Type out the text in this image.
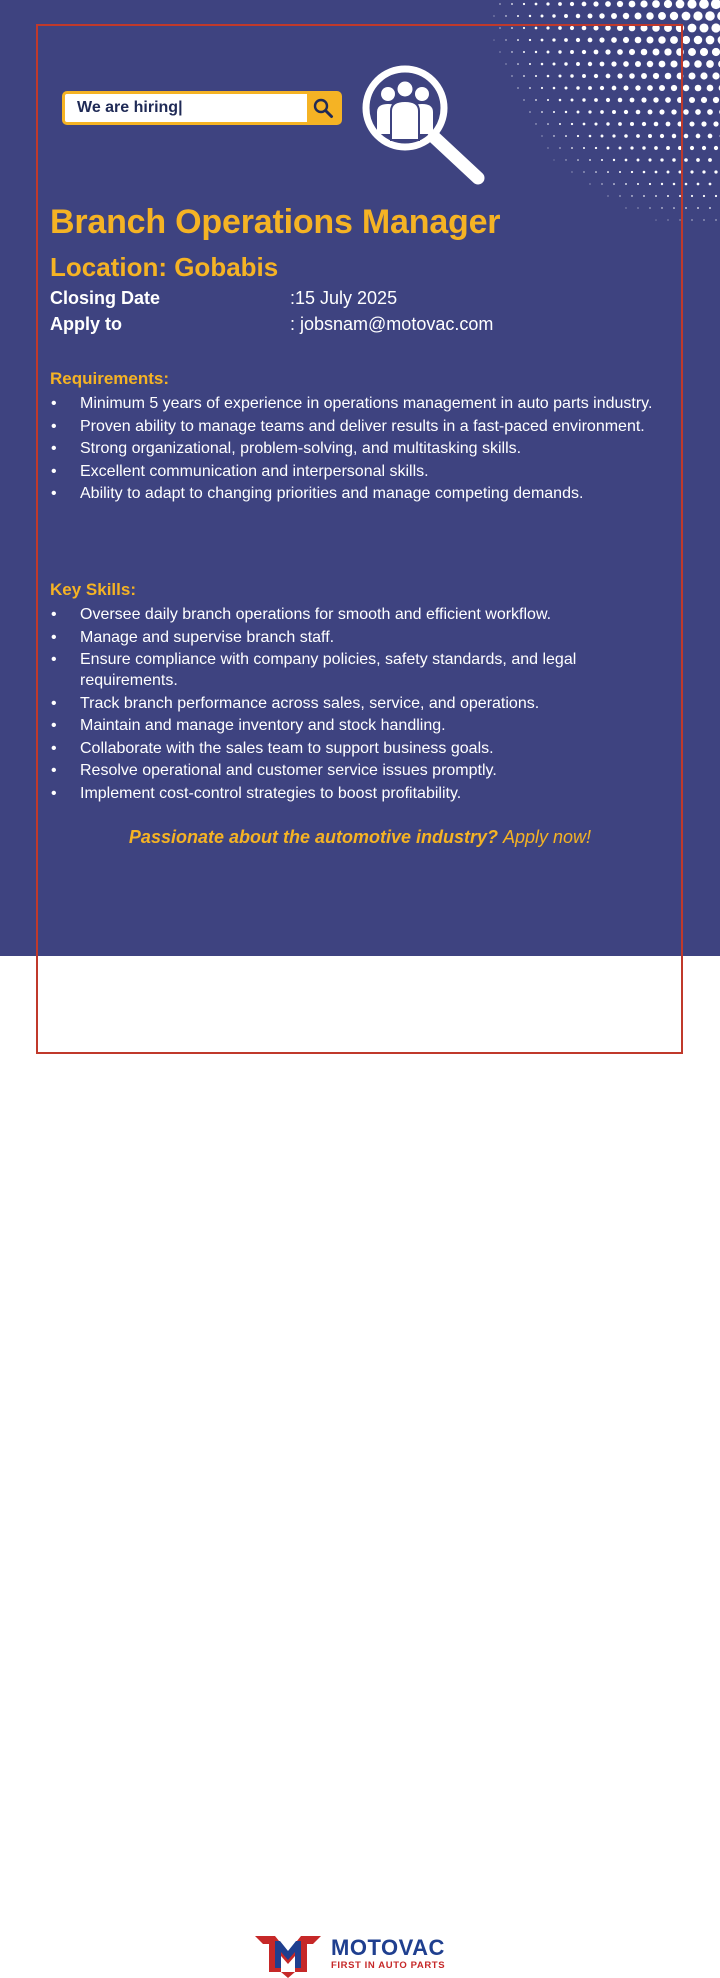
We are hiring|
Branch Operations Manager
Location: Gobabis
Closing Date	:15 July 2025
Apply to	: jobsnam@motovac.com
Requirements:
• Minimum 5 years of experience in operations management in auto parts industry.
• Proven ability to manage teams and deliver results in a fast-paced environment.
• Strong organizational, problem-solving, and multitasking skills.
• Excellent communication and interpersonal skills.
• Ability to adapt to changing priorities and manage competing demands.
Key Skills:
• Oversee daily branch operations for smooth and efficient workflow.
• Manage and supervise branch staff.
• Ensure compliance with company policies, safety standards, and legal requirements.
• Track branch performance across sales, service, and operations.
• Maintain and manage inventory and stock handling.
• Collaborate with the sales team to support business goals.
• Resolve operational and customer service issues promptly.
• Implement cost-control strategies to boost profitability.
Passionate about the automotive industry? Apply now!
MOTOVAC
FIRST IN AUTO PARTS
